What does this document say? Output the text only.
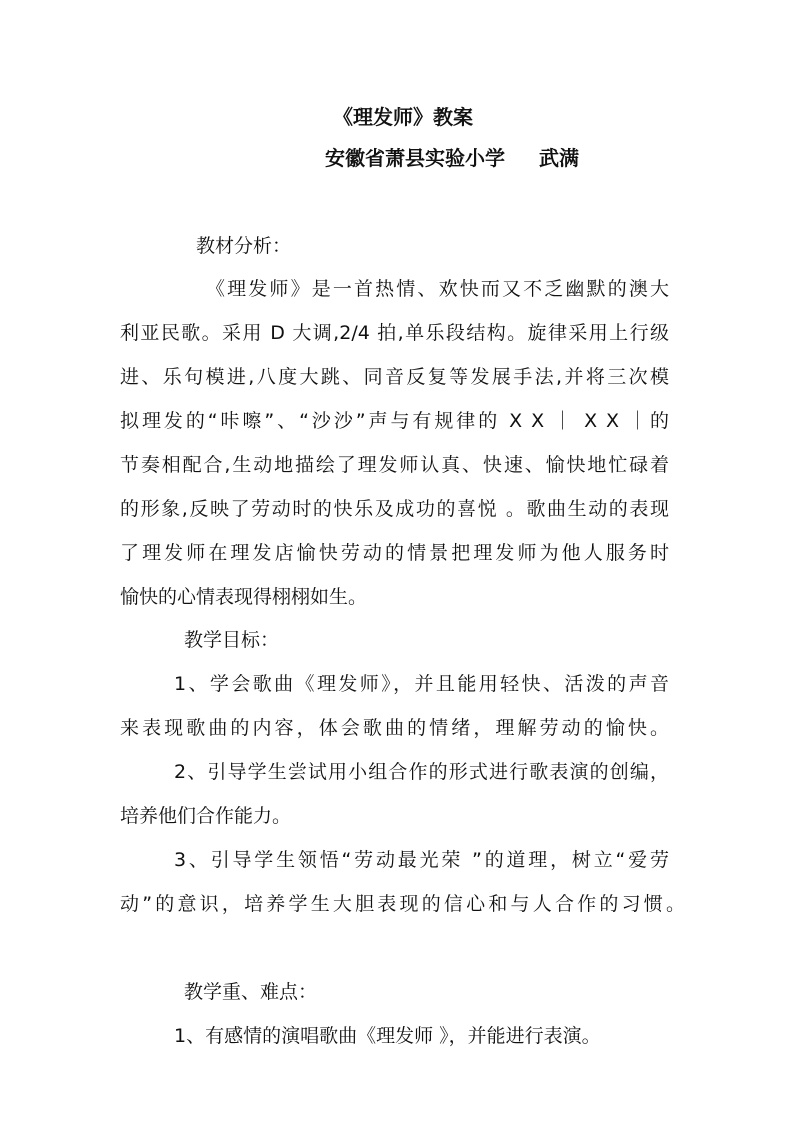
《理发师》教案
安徽省萧县实验小学 武满
教材分析：
《理发师》是一首热情、欢快而又不乏幽默的澳大
利亚民歌。采用 D 大调,2/4 拍,单乐段结构。旋律采用上行级
进、乐句模进,八度大跳、同音反复等发展手法,并将三次模
拟理发的“咔嚓”、“沙沙”声与有规律的 X X ｜ X X ｜的
节奏相配合,生动地描绘了理发师认真、快速、愉快地忙碌着
的形象,反映了劳动时的快乐及成功的喜悦 。歌曲生动的表现
了理发师在理发店愉快劳动的情景把理发师为他人服务时
愉快的心情表现得栩栩如生。
教学目标：
1、学会歌曲《理发师》，并且能用轻快、活泼的声音
来表现歌曲的内容，体会歌曲的情绪，理解劳动的愉快。
2、引导学生尝试用小组合作的形式进行歌表演的创编，
培养他们合作能力。
3、引导学生领悟“劳动最光荣 ”的道理，树立“爱劳
动”的意识，培养学生大胆表现的信心和与人合作的习惯。
教学重、难点：
1、有感情的演唱歌曲《理发师 》，并能进行表演。
